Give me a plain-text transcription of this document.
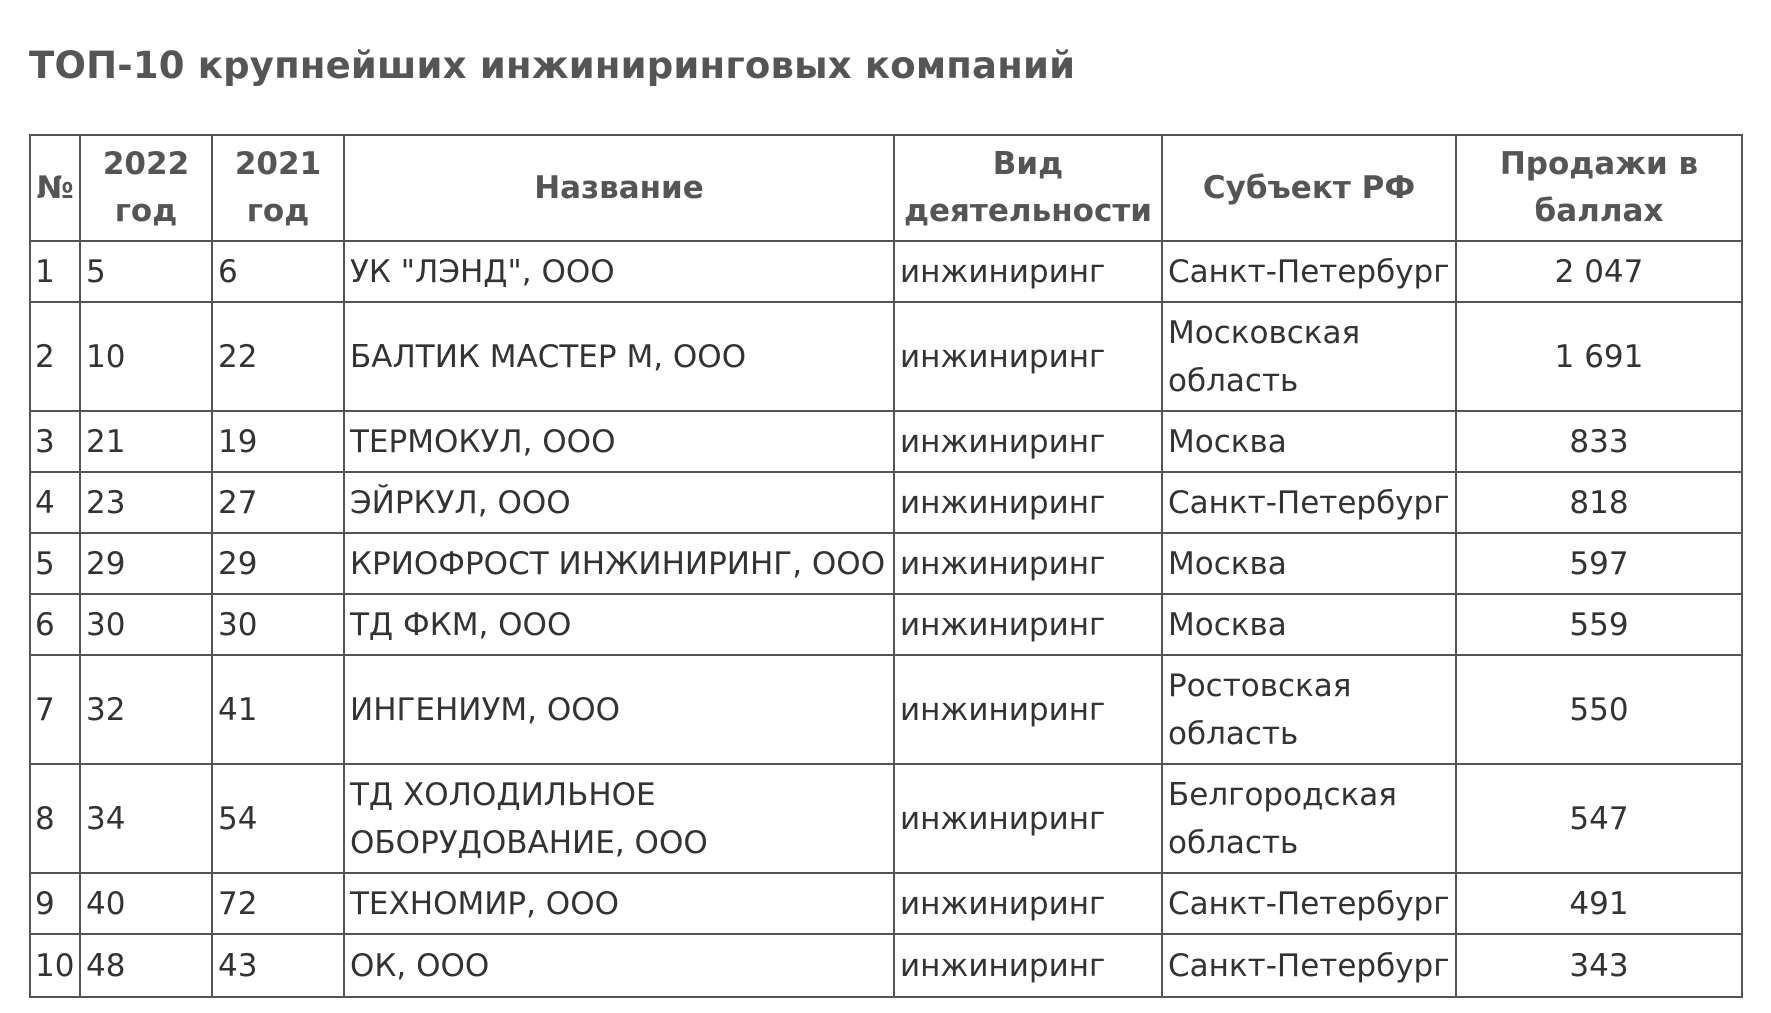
ТОП-10 крупнейших инжиниринговых компаний
№	2022 год	2021 год	Название	Вид деятельности	Субъект РФ	Продажи в баллах
1	5	6	УК "ЛЭНД", ООО	инжиниринг	Санкт-Петербург	2 047
2	10	22	БАЛТИК МАСТЕР М, ООО	инжиниринг	Московская область	1 691
3	21	19	ТЕРМОКУЛ, ООО	инжиниринг	Москва	833
4	23	27	ЭЙРКУЛ, ООО	инжиниринг	Санкт-Петербург	818
5	29	29	КРИОФРОСТ ИНЖИНИРИНГ, ООО	инжиниринг	Москва	597
6	30	30	ТД ФКМ, ООО	инжиниринг	Москва	559
7	32	41	ИНГЕНИУМ, ООО	инжиниринг	Ростовская область	550
8	34	54	ТД ХОЛОДИЛЬНОЕ ОБОРУДОВАНИЕ, ООО	инжиниринг	Белгородская область	547
9	40	72	ТЕХНОМИР, ООО	инжиниринг	Санкт-Петербург	491
10	48	43	ОК, ООО	инжиниринг	Санкт-Петербург	343
